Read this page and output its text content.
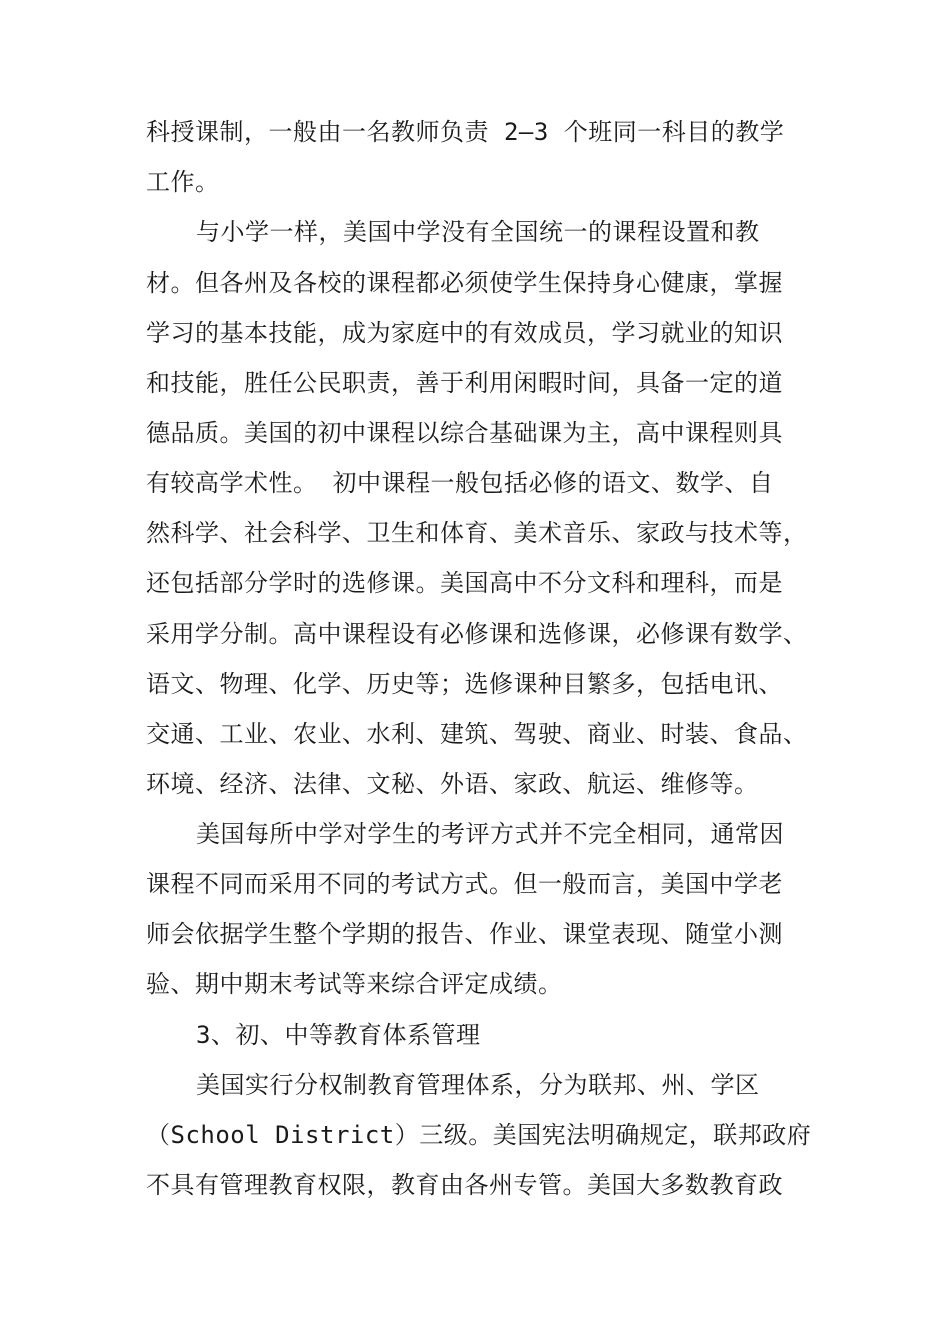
科授课制，一般由一名教师负责 2—3 个班同一科目的教学
工作。
与小学一样，美国中学没有全国统一的课程设置和教
材。但各州及各校的课程都必须使学生保持身心健康，掌握
学习的基本技能，成为家庭中的有效成员，学习就业的知识
和技能，胜任公民职责，善于利用闲暇时间，具备一定的道
德品质。美国的初中课程以综合基础课为主，高中课程则具
有较高学术性。 初中课程一般包括必修的语文、数学、自
然科学、社会科学、卫生和体育、美术音乐、家政与技术等，
还包括部分学时的选修课。美国高中不分文科和理科，而是
采用学分制。高中课程设有必修课和选修课，必修课有数学、
语文、物理、化学、历史等；选修课种目繁多，包括电讯、
交通、工业、农业、水利、建筑、驾驶、商业、时装、食品、
环境、经济、法律、文秘、外语、家政、航运、维修等。
美国每所中学对学生的考评方式并不完全相同，通常因
课程不同而采用不同的考试方式。但一般而言，美国中学老
师会依据学生整个学期的报告、作业、课堂表现、随堂小测
验、期中期末考试等来综合评定成绩。
3、初、中等教育体系管理
美国实行分权制教育管理体系，分为联邦、州、学区
（School District）三级。美国宪法明确规定，联邦政府
不具有管理教育权限，教育由各州专管。美国大多数教育政
